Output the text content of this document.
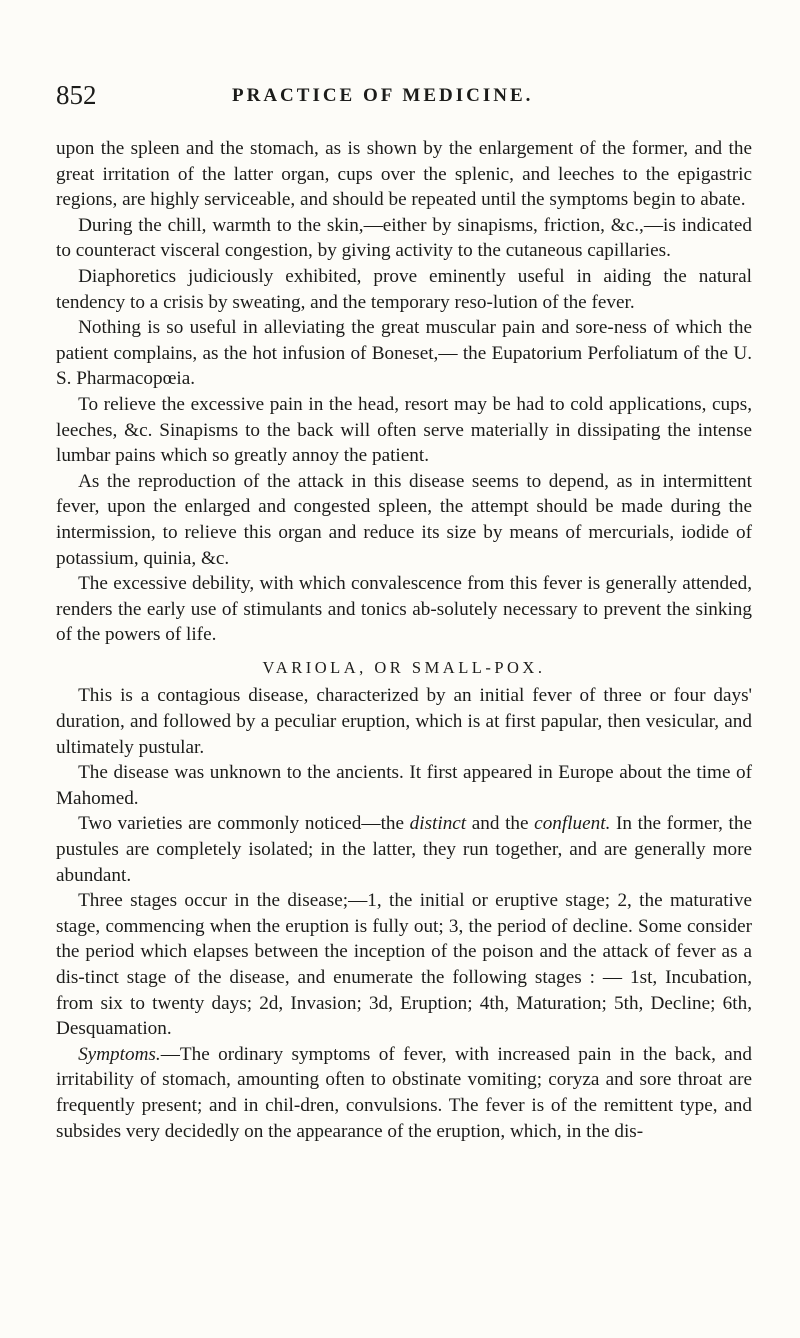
852	PRACTICE OF MEDICINE.

upon the spleen and the stomach, as is shown by the enlargement of the former, and the great irritation of the latter organ, cups over the splenic, and leeches to the epigastric regions, are highly serviceable, and should be repeated until the symptoms begin to abate.

During the chill, warmth to the skin,—either by sinapisms, friction, &c.,—is indicated to counteract visceral congestion, by giving activity to the cutaneous capillaries.

Diaphoretics judiciously exhibited, prove eminently useful in aiding the natural tendency to a crisis by sweating, and the temporary reso-lution of the fever.

Nothing is so useful in alleviating the great muscular pain and sore-ness of which the patient complains, as the hot infusion of Boneset,— the Eupatorium Perfoliatum of the U. S. Pharmacopœia.

To relieve the excessive pain in the head, resort may be had to cold applications, cups, leeches, &c. Sinapisms to the back will often serve materially in dissipating the intense lumbar pains which so greatly annoy the patient.

As the reproduction of the attack in this disease seems to depend, as in intermittent fever, upon the enlarged and congested spleen, the attempt should be made during the intermission, to relieve this organ and reduce its size by means of mercurials, iodide of potassium, quinia, &c.

The excessive debility, with which convalescence from this fever is generally attended, renders the early use of stimulants and tonics ab-solutely necessary to prevent the sinking of the powers of life.

VARIOLA, OR SMALL-POX.

This is a contagious disease, characterized by an initial fever of three or four days' duration, and followed by a peculiar eruption, which is at first papular, then vesicular, and ultimately pustular.

The disease was unknown to the ancients. It first appeared in Europe about the time of Mahomed.

Two varieties are commonly noticed—the distinct and the confluent. In the former, the pustules are completely isolated; in the latter, they run together, and are generally more abundant.

Three stages occur in the disease;—1, the initial or eruptive stage; 2, the maturative stage, commencing when the eruption is fully out; 3, the period of decline. Some consider the period which elapses between the inception of the poison and the attack of fever as a dis-tinct stage of the disease, and enumerate the following stages : — 1st, Incubation, from six to twenty days; 2d, Invasion; 3d, Eruption; 4th, Maturation; 5th, Decline; 6th, Desquamation.

Symptoms.—The ordinary symptoms of fever, with increased pain in the back, and irritability of stomach, amounting often to obstinate vomiting; coryza and sore throat are frequently present; and in chil-dren, convulsions. The fever is of the remittent type, and subsides very decidedly on the appearance of the eruption, which, in the dis-
